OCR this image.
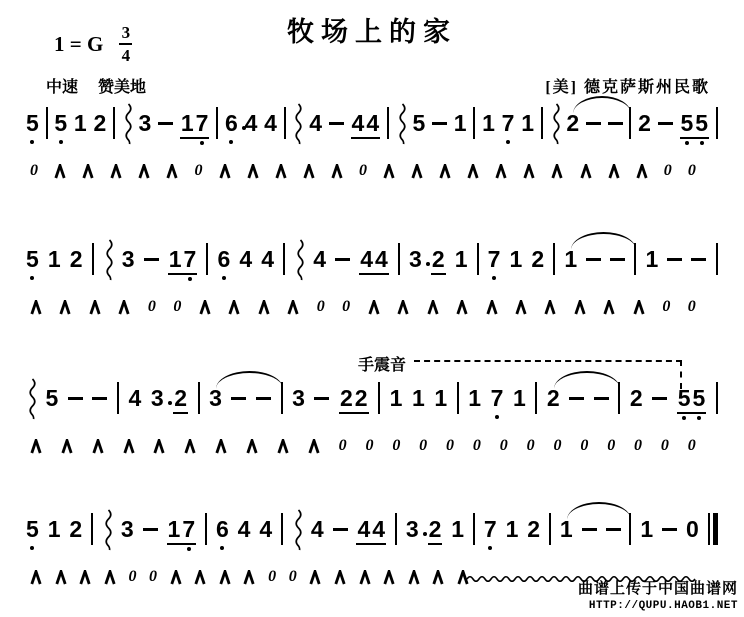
1 = G $\frac{3}{4}$	牧场上的家
中速 赞美地	[美] 德克萨斯州民歌
5 5 1 2 3 1 7 6 4 4 4 4 4 5 1 1 7 1 2	2 5 5
0	0	0	0 0
5 1 2 3 1 7 6 4 4 4 4 4 3 2 1 7 1 2 1	1
0 0	0 0	0 0
手震音
5	4 3 2 3	3 2 2 1 1 1 1 7 1 2	2 5 5
0 0 0 0 0 0 0 0 0 0 0 0 0 0
5 1 2 3 1 7 6 4 4 4 4 4 3 2 1 7 1 2 1	1 0
0 0	0 0
曲谱上传于中国曲谱网
HTTP://QUPU.HAOB1.NET
